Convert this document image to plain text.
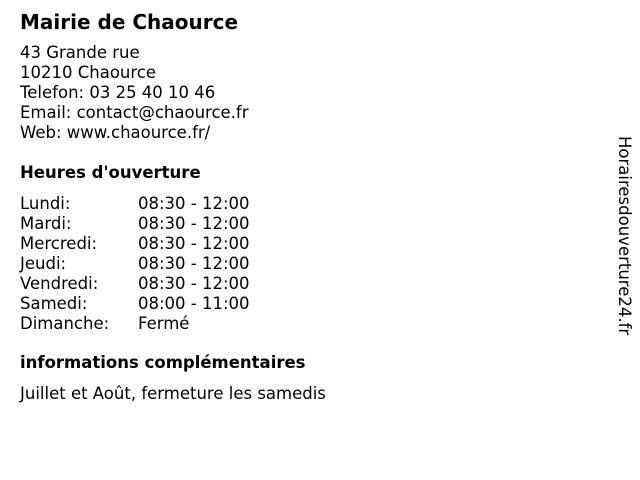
Mairie de Chaource
43 Grande rue
10210 Chaource
Telefon: 03 25 40 10 46
Email: contact@chaource.fr
Web: www.chaource.fr/
Heures d'ouverture
Lundi:	08:30 - 12:00
Mardi:	08:30 - 12:00
Mercredi: 08:30 - 12:00
Jeudi:	08:30 - 12:00
Vendredi: 08:30 - 12:00
Samedi:	08:00 - 11:00
Dimanche: Fermé
informations complémentaires
Juillet et Août, fermeture les samedis
Horairesdouverture24.fr
